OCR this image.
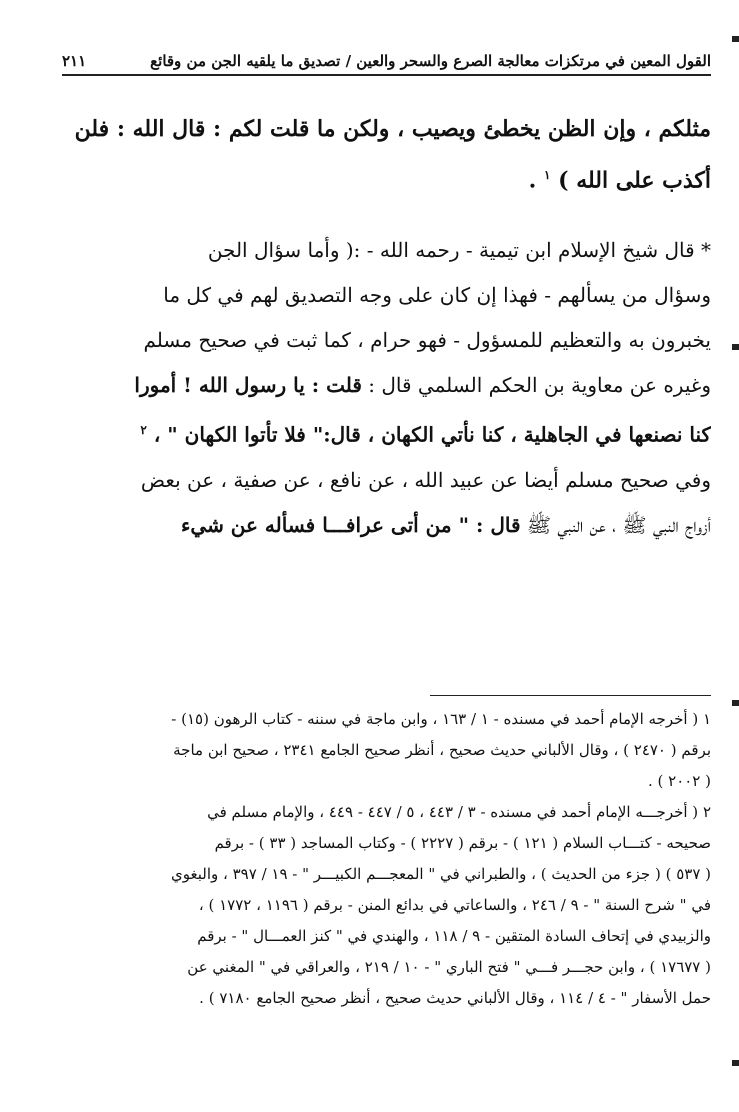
القول المعين في مرتكزات معالجة الصرع والسحر والعين / تصديق ما يلقيه الجن من وقائع
٢١١
مثلكم ، وإن الظن يخطئ ويصيب ، ولكن ما قلت لكم : قال الله : فلن
أكذب على الله ) $^١$ .
* قال شيخ الإسلام ابن تيمية - رحمه الله - :( وأما سؤال الجن
وسؤال من يسألهم - فهذا إن كان على وجه التصديق لهم في كل ما
يخبرون به والتعظيم للمسؤول - فهو حرام ، كما ثبت في صحيح مسلم
وغيره عن معاوية بن الحكم السلمي قال : قلت : يا رسول الله ! أمورا
كنا نصنعها في الجاهلية ، كنا نأتي الكهان ، قال:" فلا تأتوا الكهان " ، $^٢$
وفي صحيح مسلم أيضا عن عبيد الله ، عن نافع ، عن صفية ، عن بعض
أزواج النبي ﷺ ، عن النبي ﷺ قال : " من أتى عرافـــا فسأله عن شيء
١ ( أخرجه الإمام أحمد في مسنده - ١ / ١٦٣ ، وابن ماجة في سننه - كتاب الرهون (١٥) -
برقم ( ٢٤٧٠ ) ، وقال الألباني حديث صحيح ، أنظر صحيح الجامع ٢٣٤١ ، صحيح ابن ماجة
( ٢٠٠٢ ) .
٢ ( أخرجـــه الإمام أحمد في مسنده - ٣ / ٤٤٣ ، ٥ / ٤٤٧ - ٤٤٩ ، والإمام مسلم في
صحيحه - كتـــاب السلام ( ١٢١ ) - برقم ( ٢٢٢٧ ) - وكتاب المساجد ( ٣٣ ) - برقم
( ٥٣٧ ) ( جزء من الحديث ) ، والطبراني في " المعجـــم الكبيـــر " - ١٩ / ٣٩٧ ، والبغوي
في " شرح السنة " - ٩ / ٢٤٦ ، والساعاتي في بدائع المنن - برقم ( ١١٩٦ ، ١٧٧٢ ) ،
والزبيدي في إتحاف السادة المتقين - ٩ / ١١٨ ، والهندي في " كنز العمـــال " - برقم
( ١٧٦٧٧ ) ، وابن حجـــر فـــي " فتح الباري " - ١٠ / ٢١٩ ، والعراقي في " المغني عن
حمل الأسفار " - ٤ / ١١٤ ، وقال الألباني حديث صحيح ، أنظر صحيح الجامع ٧١٨٠ ) .
